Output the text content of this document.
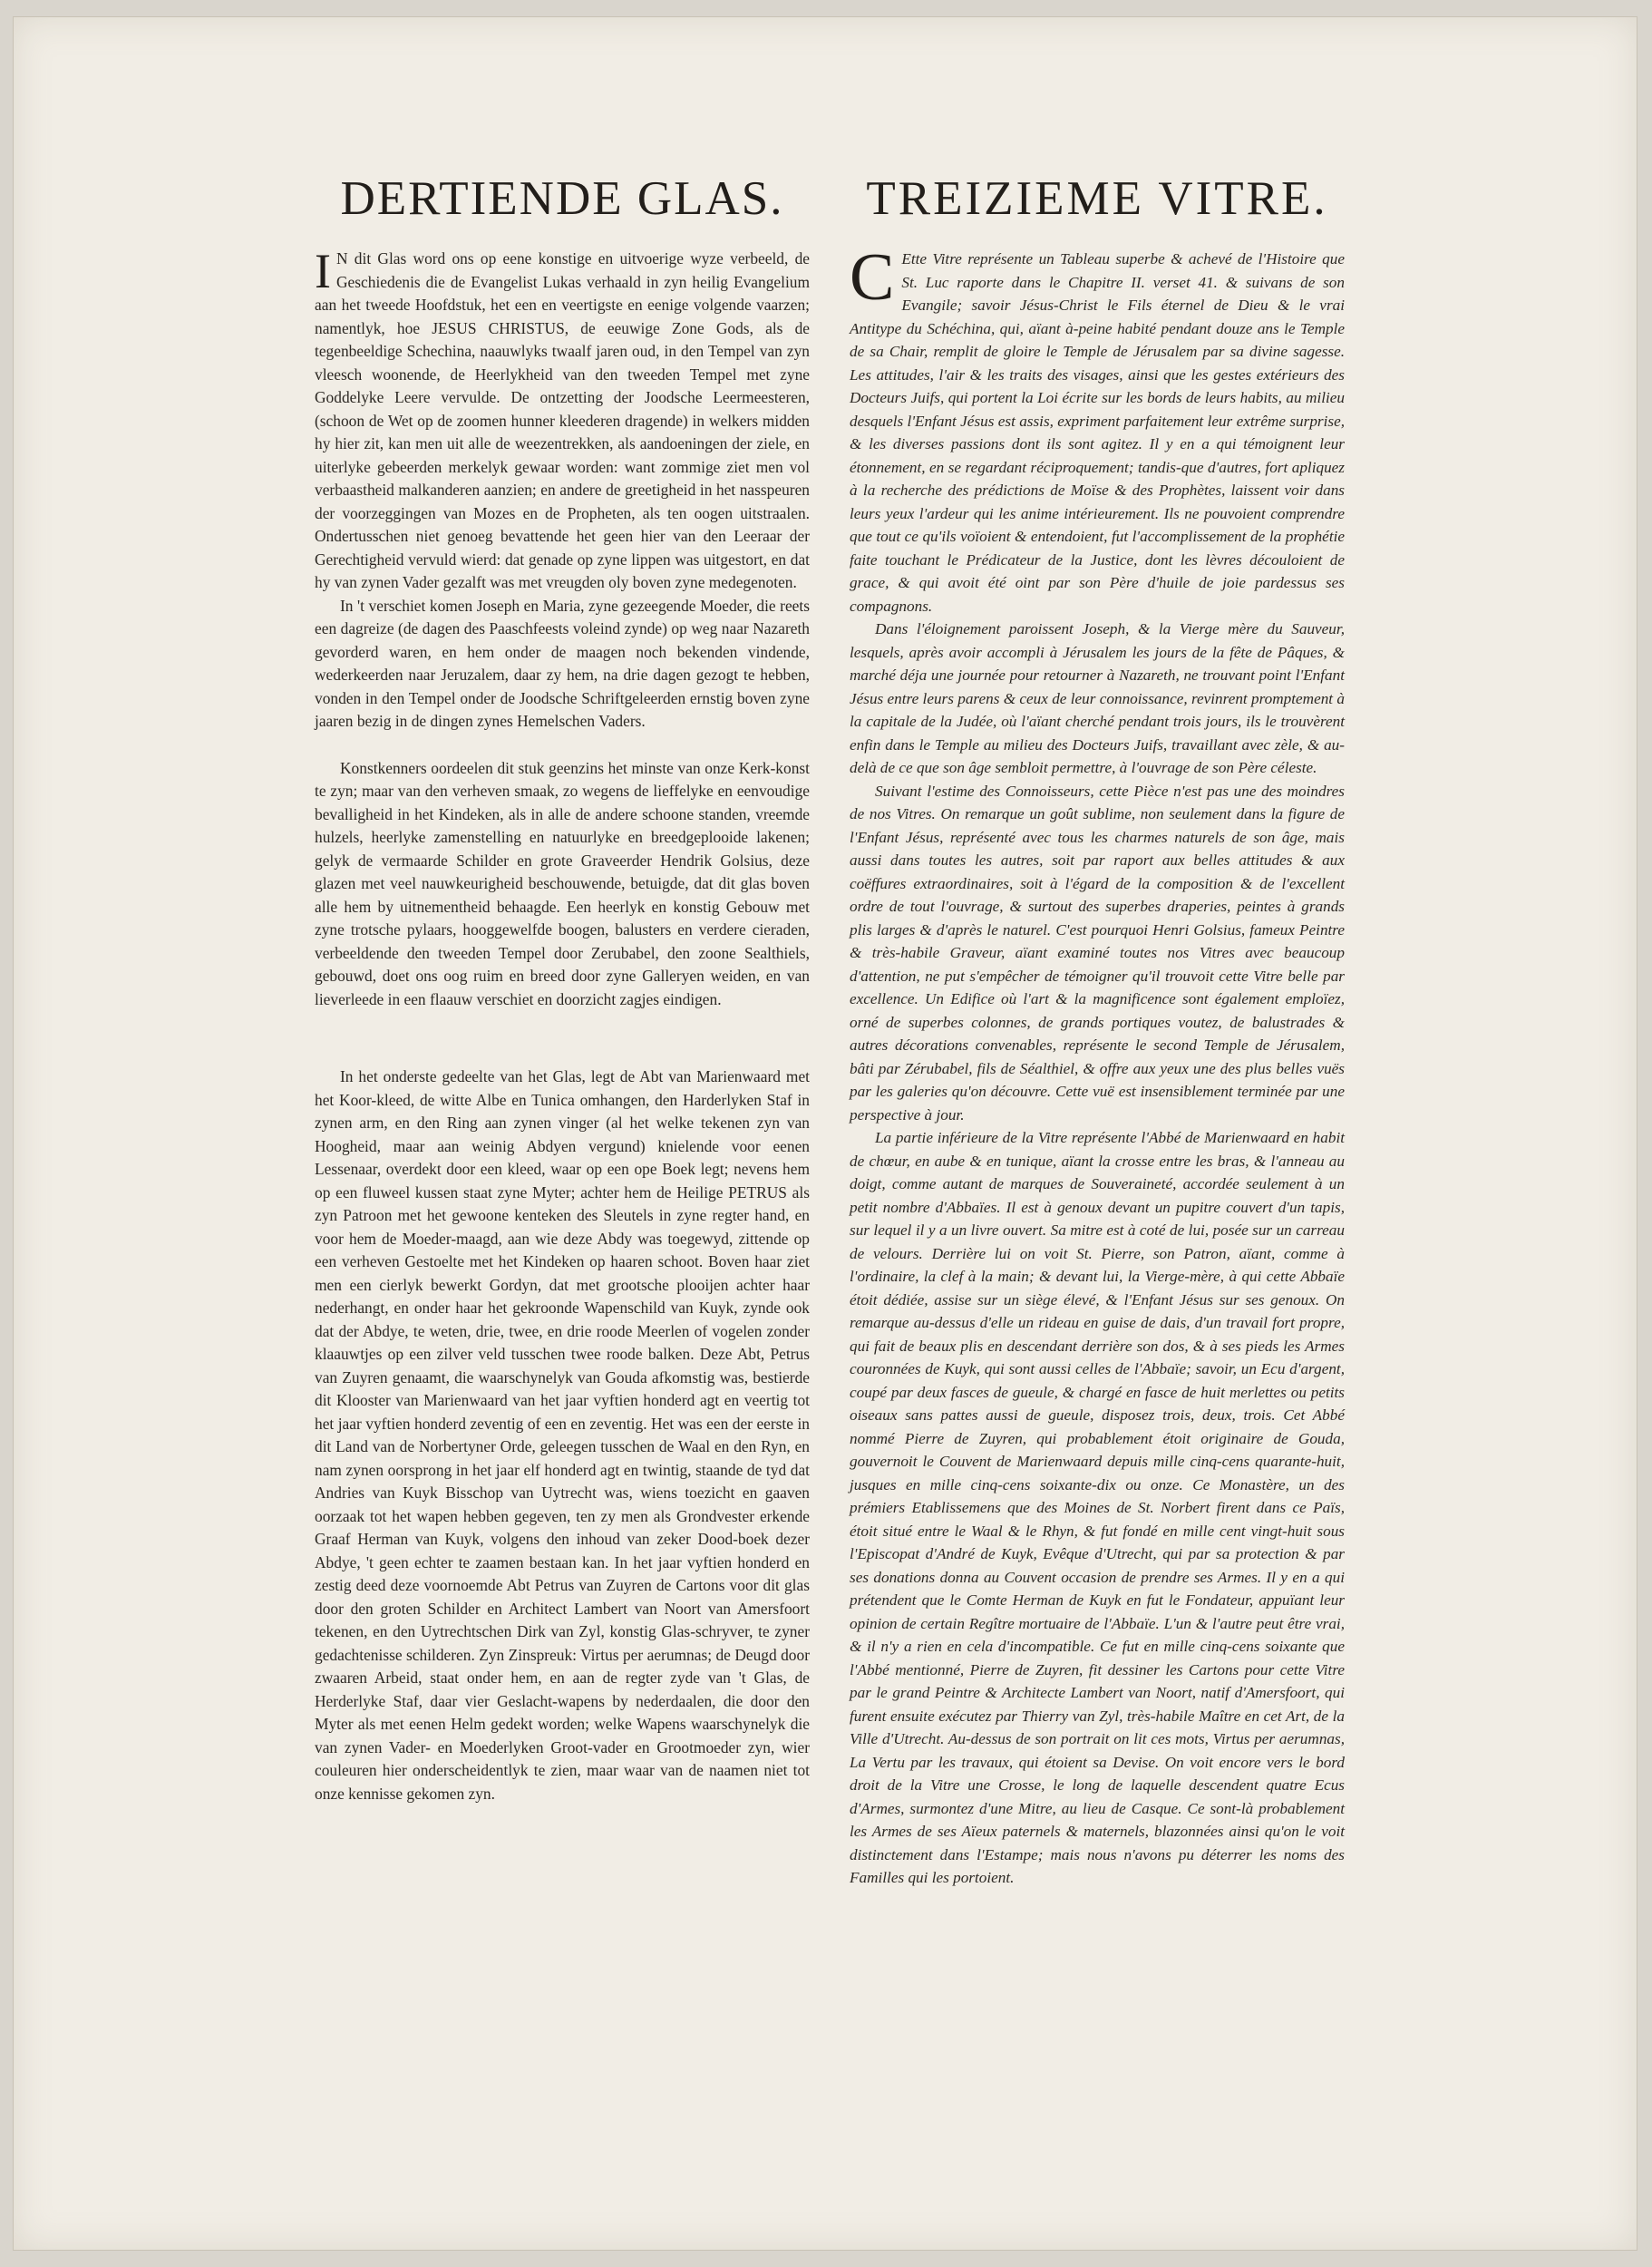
DERTIENDE GLAS.

I N dit Glas word ons op eene konstige en uitvoerige wyze verbeeld, de Geschiedenis die de Evangelist Lukas verhaald in zyn heilig Evangelium aan het tweede Hoofdstuk, het een en veertigste en eenige volgende vaarzen; namentlyk, hoe JESUS CHRISTUS, de eeuwige Zone Gods, als de tegenbeeldige Schechina, naauwlyks twaalf jaren oud, in den Tempel van zyn vleesch woonende, de Heerlykheid van den tweeden Tempel met zyne Goddelyke Leere vervulde. De ontzetting der Joodsche Leermeesteren, (schoon de Wet op de zoomen hunner kleederen dragende) in welkers midden hy hier zit, kan men uit alle de weezentrekken, als aandoeningen der ziele, en uiterlyke gebeerden merkelyk gewaar worden: want zommige ziet men vol verbaastheid malkanderen aanzien; en andere de greetigheid in het nasspeuren der voorzeggingen van Mozes en de Propheten, als ten oogen uitstraalen. Ondertusschen niet genoeg bevattende het geen hier van den Leeraar der Gerechtigheid vervuld wierd: dat genade op zyne lippen was uitgestort, en dat hy van zynen Vader gezalft was met vreugden oly boven zyne medegenoten.

In 't verschiet komen Joseph en Maria, zyne gezeegende Moeder, die reets een dagreize (de dagen des Paaschfeests voleind zynde) op weg naar Nazareth gevorderd waren, en hem onder de maagen noch bekenden vindende, wederkeerden naar Jeruzalem, daar zy hem, na drie dagen gezogt te hebben, vonden in den Tempel onder de Joodsche Schriftgeleerden ernstig boven zyne jaaren bezig in de dingen zynes Hemelschen Vaders.

Konstkenners oordeelen dit stuk geenzins het minste van onze Kerk-konst te zyn; maar van den verheven smaak, zo wegens de lieffelyke en eenvoudige bevalligheid in het Kindeken, als in alle de andere schoone standen, vreemde hulzels, heerlyke zamenstelling en natuurlyke en breedgeplooide lakenen; gelyk de vermaarde Schilder en grote Graveerder Hendrik Golsius, deze glazen met veel nauwkeurigheid beschouwende, betuigde, dat dit glas boven alle hem by uitnementheid behaagde. Een heerlyk en konstig Gebouw met zyne trotsche pylaars, hooggewelfde boogen, balusters en verdere cieraden, verbeeldende den tweeden Tempel door Zerubabel, den zoone Sealthiels, gebouwd, doet ons oog ruim en breed door zyne Galleryen weiden, en van lieverleede in een flaauw verschiet en doorzicht zagjes eindigen.

In het onderste gedeelte van het Glas, legt de Abt van Marienwaard met het Koor-kleed, de witte Albe en Tunica omhangen, den Harderlyken Staf in zynen arm, en den Ring aan zynen vinger (al het welke tekenen zyn van Hoogheid, maar aan weinig Abdyen vergund) knielende voor eenen Lessenaar, overdekt door een kleed, waar op een ope Boek legt; nevens hem op een fluweel kussen staat zyne Myter; achter hem de Heilige PETRUS als zyn Patroon met het gewoone kenteken des Sleutels in zyne regter hand, en voor hem de Moeder-maagd, aan wie deze Abdy was toegewyd, zittende op een verheven Gestoelte met het Kindeken op haaren schoot. Boven haar ziet men een cierlyk bewerkt Gordyn, dat met grootsche plooijen achter haar nederhangt, en onder haar het gekroonde Wapenschild van Kuyk, zynde ook dat der Abdye, te weten, drie, twee, en drie roode Meerlen of vogelen zonder klaauwtjes op een zilver veld tusschen twee roode balken. Deze Abt, Petrus van Zuyren genaamt, die waarschynelyk van Gouda afkomstig was, bestierde dit Klooster van Marienwaard van het jaar vyftien honderd agt en veertig tot het jaar vyftien honderd zeventig of een en zeventig. Het was een der eerste in dit Land van de Norbertyner Orde, geleegen tusschen de Waal en den Ryn, en nam zynen oorsprong in het jaar elf honderd agt en twintig, staande de tyd dat Andries van Kuyk Bisschop van Uytrecht was, wiens toezicht en gaaven oorzaak tot het wapen hebben gegeven, ten zy men als Grondvester erkende Graaf Herman van Kuyk, volgens den inhoud van zeker Dood-boek dezer Abdye, 't geen echter te zaamen bestaan kan. In het jaar vyftien honderd en zestig deed deze voornoemde Abt Petrus van Zuyren de Cartons voor dit glas door den groten Schilder en Architect Lambert van Noort van Amersfoort tekenen, en den Uytrechtschen Dirk van Zyl, konstig Glas-schryver, te zyner gedachtenisse schilderen. Zyn Zinspreuk: Virtus per aerumnas; de Deugd door zwaaren Arbeid, staat onder hem, en aan de regter zyde van 't Glas, de Herderlyke Staf, daar vier Geslacht-wapens by nederdaalen, die door den Myter als met eenen Helm gedekt worden; welke Wapens waarschynelyk die van zynen Vader- en Moederlyken Groot-vader en Grootmoeder zyn, wier couleuren hier onderscheidentlyk te zien, maar waar van de naamen niet tot onze kennisse gekomen zyn.

TREIZIEME VITRE.

C Ette Vitre représente un Tableau superbe & achevé de l'Histoire que St. Luc raporte dans le Chapitre II. verset 41. & suivans de son Evangile; savoir Jésus-Christ le Fils éternel de Dieu & le vrai Antitype du Schéchina, qui, aïant à-peine habité pendant douze ans le Temple de sa Chair, remplit de gloire le Temple de Jérusalem par sa divine sagesse. Les attitudes, l'air & les traits des visages, ainsi que les gestes extérieurs des Docteurs Juifs, qui portent la Loi écrite sur les bords de leurs habits, au milieu desquels l'Enfant Jésus est assis, expriment parfaitement leur extrême surprise, & les diverses passions dont ils sont agitez. Il y en a qui témoignent leur étonnement, en se regardant réciproquement; tandis-que d'autres, fort apliquez à la recherche des prédictions de Moïse & des Prophètes, laissent voir dans leurs yeux l'ardeur qui les anime intérieurement. Ils ne pouvoient comprendre que tout ce qu'ils voïoient & entendoient, fut l'accomplissement de la prophétie faite touchant le Prédicateur de la Justice, dont les lèvres découloient de grace, & qui avoit été oint par son Père d'huile de joie pardessus ses compagnons.

Dans l'éloignement paroissent Joseph, & la Vierge mère du Sauveur, lesquels, après avoir accompli à Jérusalem les jours de la fête de Pâques, & marché déja une journée pour retourner à Nazareth, ne trouvant point l'Enfant Jésus entre leurs parens & ceux de leur connoissance, revinrent promptement à la capitale de la Judée, où l'aïant cherché pendant trois jours, ils le trouvèrent enfin dans le Temple au milieu des Docteurs Juifs, travaillant avec zèle, & au-delà de ce que son âge sembloit permettre, à l'ouvrage de son Père céleste.

Suivant l'estime des Connoisseurs, cette Pièce n'est pas une des moindres de nos Vitres. On remarque un goût sublime, non seulement dans la figure de l'Enfant Jésus, représenté avec tous les charmes naturels de son âge, mais aussi dans toutes les autres, soit par raport aux belles attitudes & aux coëffures extraordinaires, soit à l'égard de la composition & de l'excellent ordre de tout l'ouvrage, & surtout des superbes draperies, peintes à grands plis larges & d'après le naturel. C'est pourquoi Henri Golsius, fameux Peintre & très-habile Graveur, aïant examiné toutes nos Vitres avec beaucoup d'attention, ne put s'empêcher de témoigner qu'il trouvoit cette Vitre belle par excellence. Un Edifice où l'art & la magnificence sont également emploïez, orné de superbes colonnes, de grands portiques voutez, de balustrades & autres décorations convenables, représente le second Temple de Jérusalem, bâti par Zérubabel, fils de Séalthiel, & offre aux yeux une des plus belles vuës par les galeries qu'on découvre. Cette vuë est insensiblement terminée par une perspective à jour.

La partie inférieure de la Vitre représente l'Abbé de Marienwaard en habit de chœur, en aube & en tunique, aïant la crosse entre les bras, & l'anneau au doigt, comme autant de marques de Souveraineté, accordée seulement à un petit nombre d'Abbaïes. Il est à genoux devant un pupitre couvert d'un tapis, sur lequel il y a un livre ouvert. Sa mitre est à coté de lui, posée sur un carreau de velours. Derrière lui on voit St. Pierre, son Patron, aïant, comme à l'ordinaire, la clef à la main; & devant lui, la Vierge-mère, à qui cette Abbaïe étoit dédiée, assise sur un siège élevé, & l'Enfant Jésus sur ses genoux. On remarque au-dessus d'elle un rideau en guise de dais, d'un travail fort propre, qui fait de beaux plis en descendant derrière son dos, & à ses pieds les Armes couronnées de Kuyk, qui sont aussi celles de l'Abbaïe; savoir, un Ecu d'argent, coupé par deux fasces de gueule, & chargé en fasce de huit merlettes ou petits oiseaux sans pattes aussi de gueule, disposez trois, deux, trois. Cet Abbé nommé Pierre de Zuyren, qui probablement étoit originaire de Gouda, gouvernoit le Couvent de Marienwaard depuis mille cinq-cens quarante-huit, jusques en mille cinq-cens soixante-dix ou onze. Ce Monastère, un des prémiers Etablissemens que des Moines de St. Norbert firent dans ce Païs, étoit situé entre le Waal & le Rhyn, & fut fondé en mille cent vingt-huit sous l'Episcopat d'André de Kuyk, Evêque d'Utrecht, qui par sa protection & par ses donations donna au Couvent occasion de prendre ses Armes. Il y en a qui prétendent que le Comte Herman de Kuyk en fut le Fondateur, appuïant leur opinion de certain Regître mortuaire de l'Abbaïe. L'un & l'autre peut être vrai, & il n'y a rien en cela d'incompatible. Ce fut en mille cinq-cens soixante que l'Abbé mentionné, Pierre de Zuyren, fit dessiner les Cartons pour cette Vitre par le grand Peintre & Architecte Lambert van Noort, natif d'Amersfoort, qui furent ensuite exécutez par Thierry van Zyl, très-habile Maître en cet Art, de la Ville d'Utrecht. Au-dessus de son portrait on lit ces mots, Virtus per aerumnas, La Vertu par les travaux, qui étoient sa Devise. On voit encore vers le bord droit de la Vitre une Crosse, le long de laquelle descendent quatre Ecus d'Armes, surmontez d'une Mitre, au lieu de Casque. Ce sont-là probablement les Armes de ses Aïeux paternels & maternels, blazonnées ainsi qu'on le voit distinctement dans l'Estampe; mais nous n'avons pu déterrer les noms des Familles qui les portoient.
